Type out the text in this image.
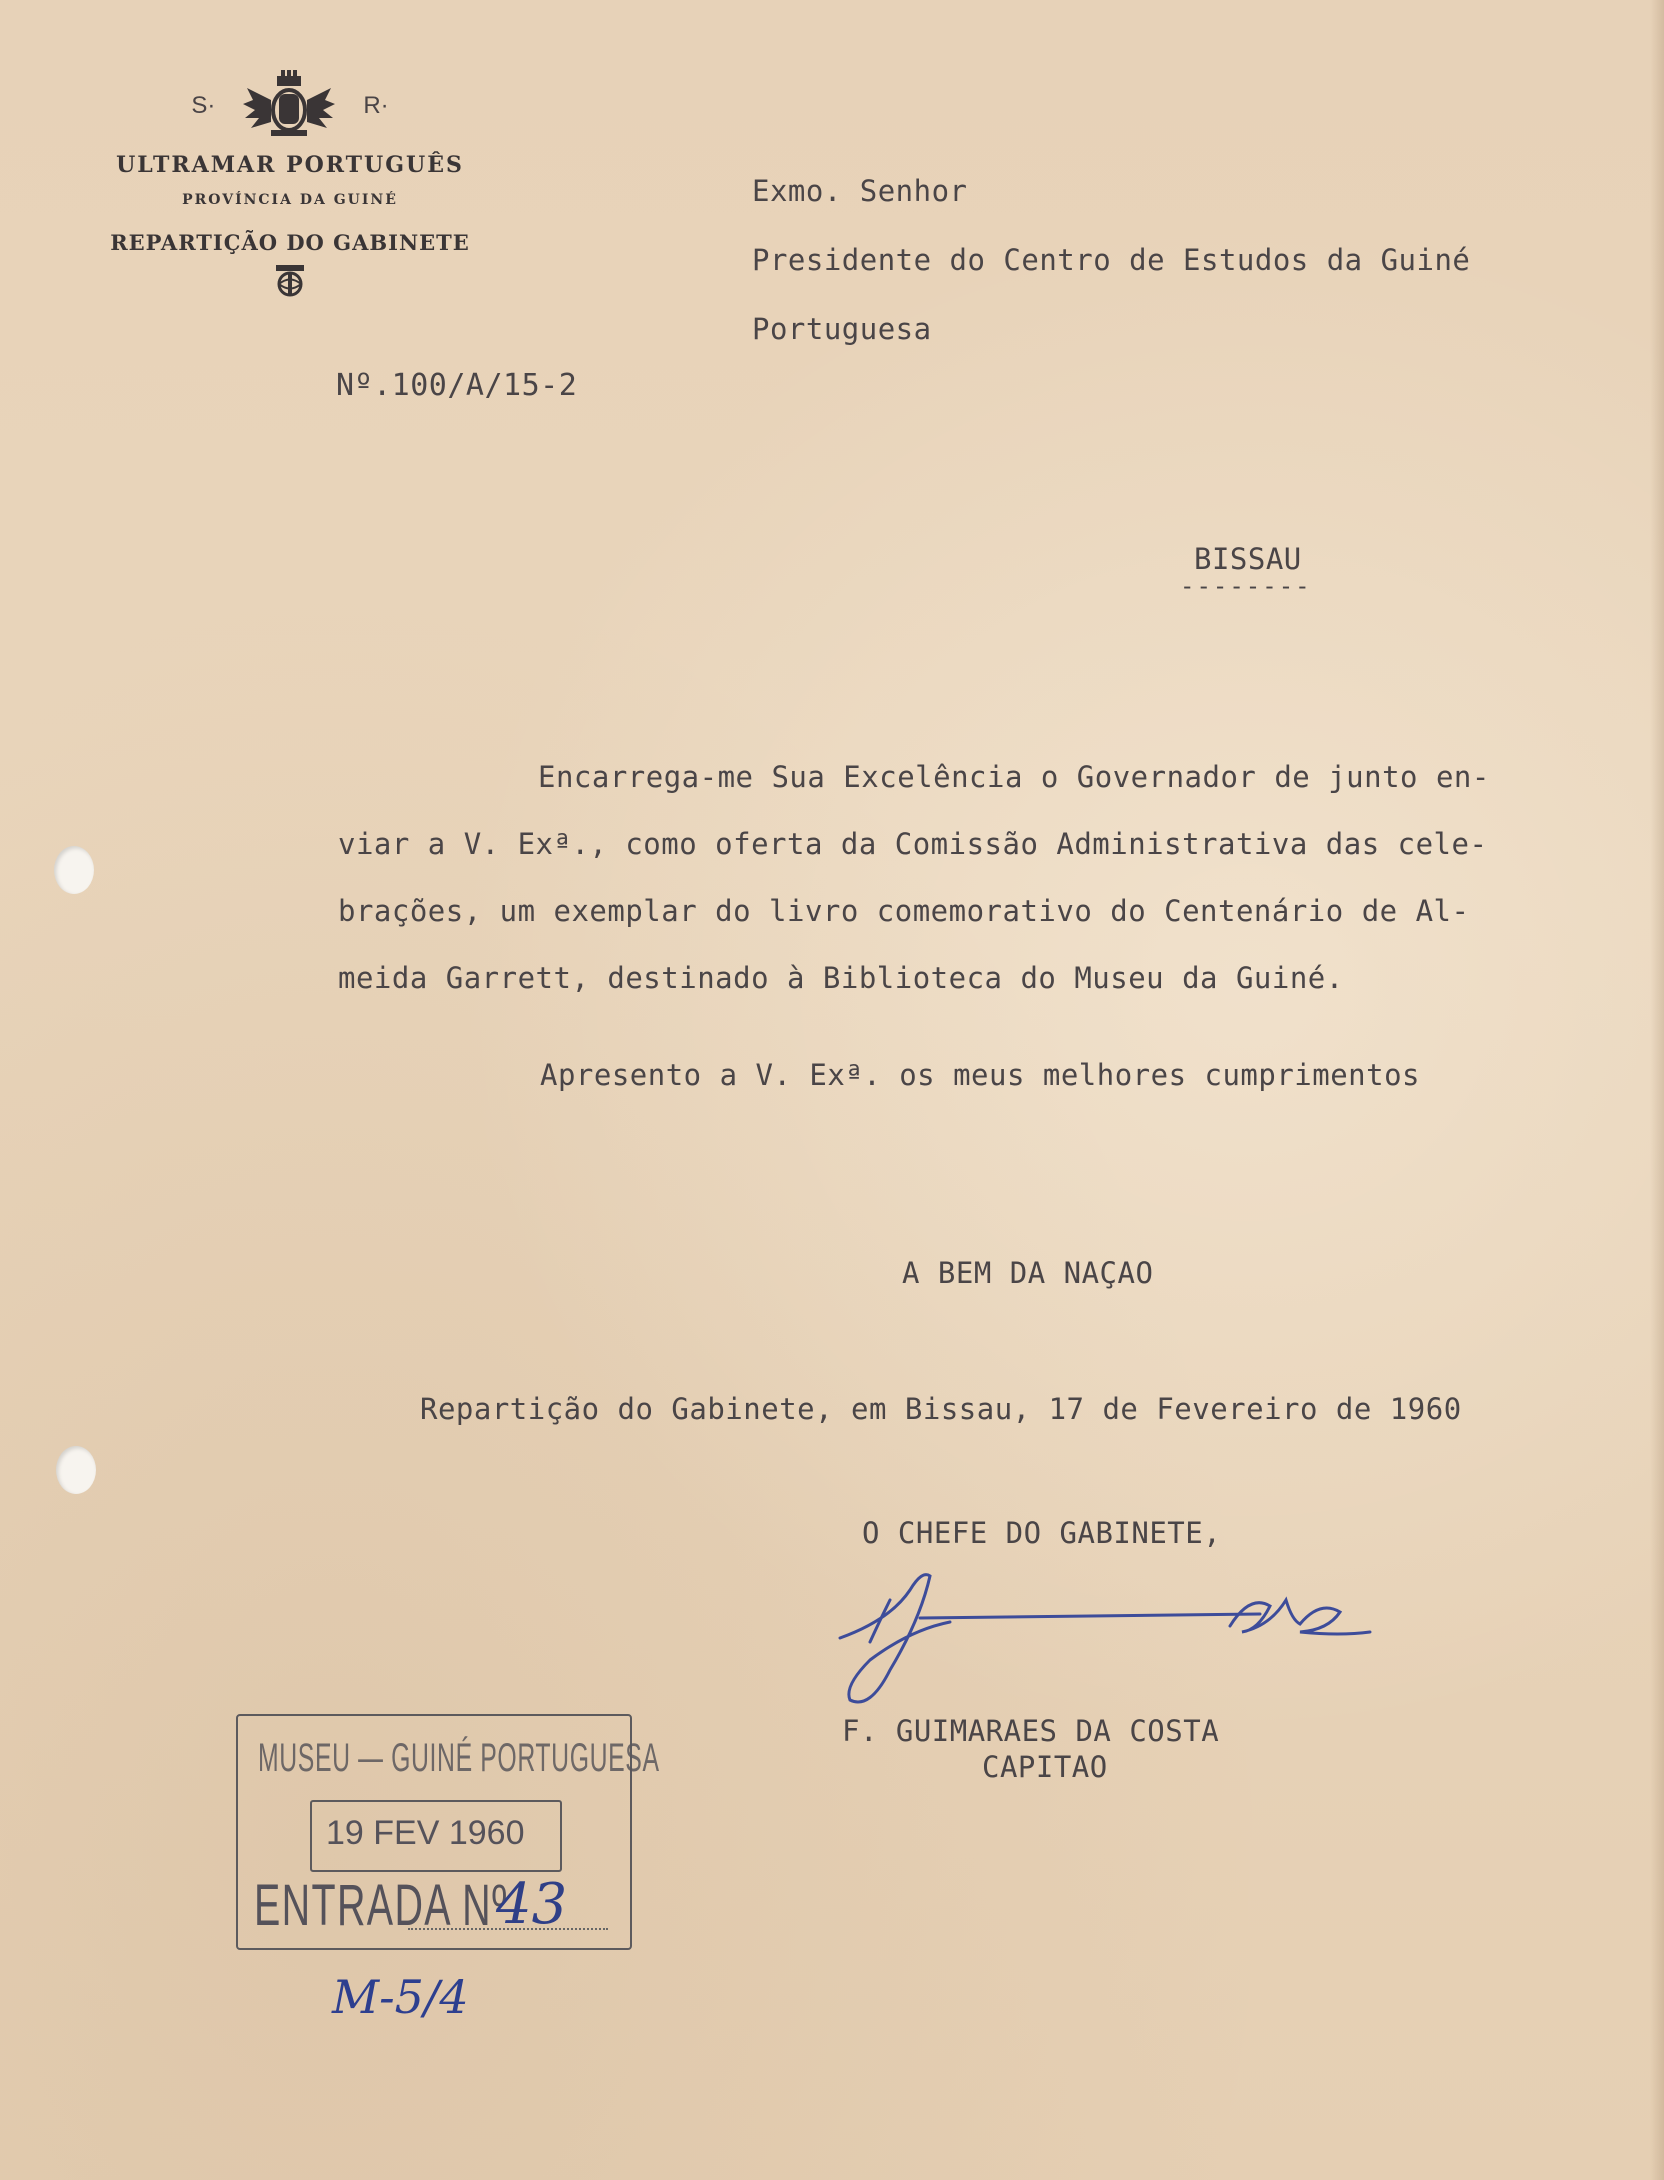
S·	R·
ULTRAMAR PORTUGUÊS
PROVÍNCIA DA GUINÉ
REPARTIÇÃO DO GABINETE
Nº.100/A/15-2
Exmo. Senhor
Presidente do Centro de Estudos da Guiné
Portuguesa
BISSAU
--------
Encarrega-me Sua Excelência o Governador de junto en-
viar a V. Exª., como oferta da Comissão Administrativa das cele-
brações, um exemplar do livro comemorativo do Centenário de Al-
meida Garrett, destinado à Biblioteca do Museu da Guiné.
Apresento a V. Exª. os meus melhores cumprimentos
A BEM DA NAÇAO
Repartição do Gabinete, em Bissau, 17 de Fevereiro de 1960
O CHEFE DO GABINETE,
F. GUIMARAES DA COSTA
CAPITAO
MUSEU — GUINÉ PORTUGUESA
19 FEV 1960
ENTRADA Nº
43
M-5/4
